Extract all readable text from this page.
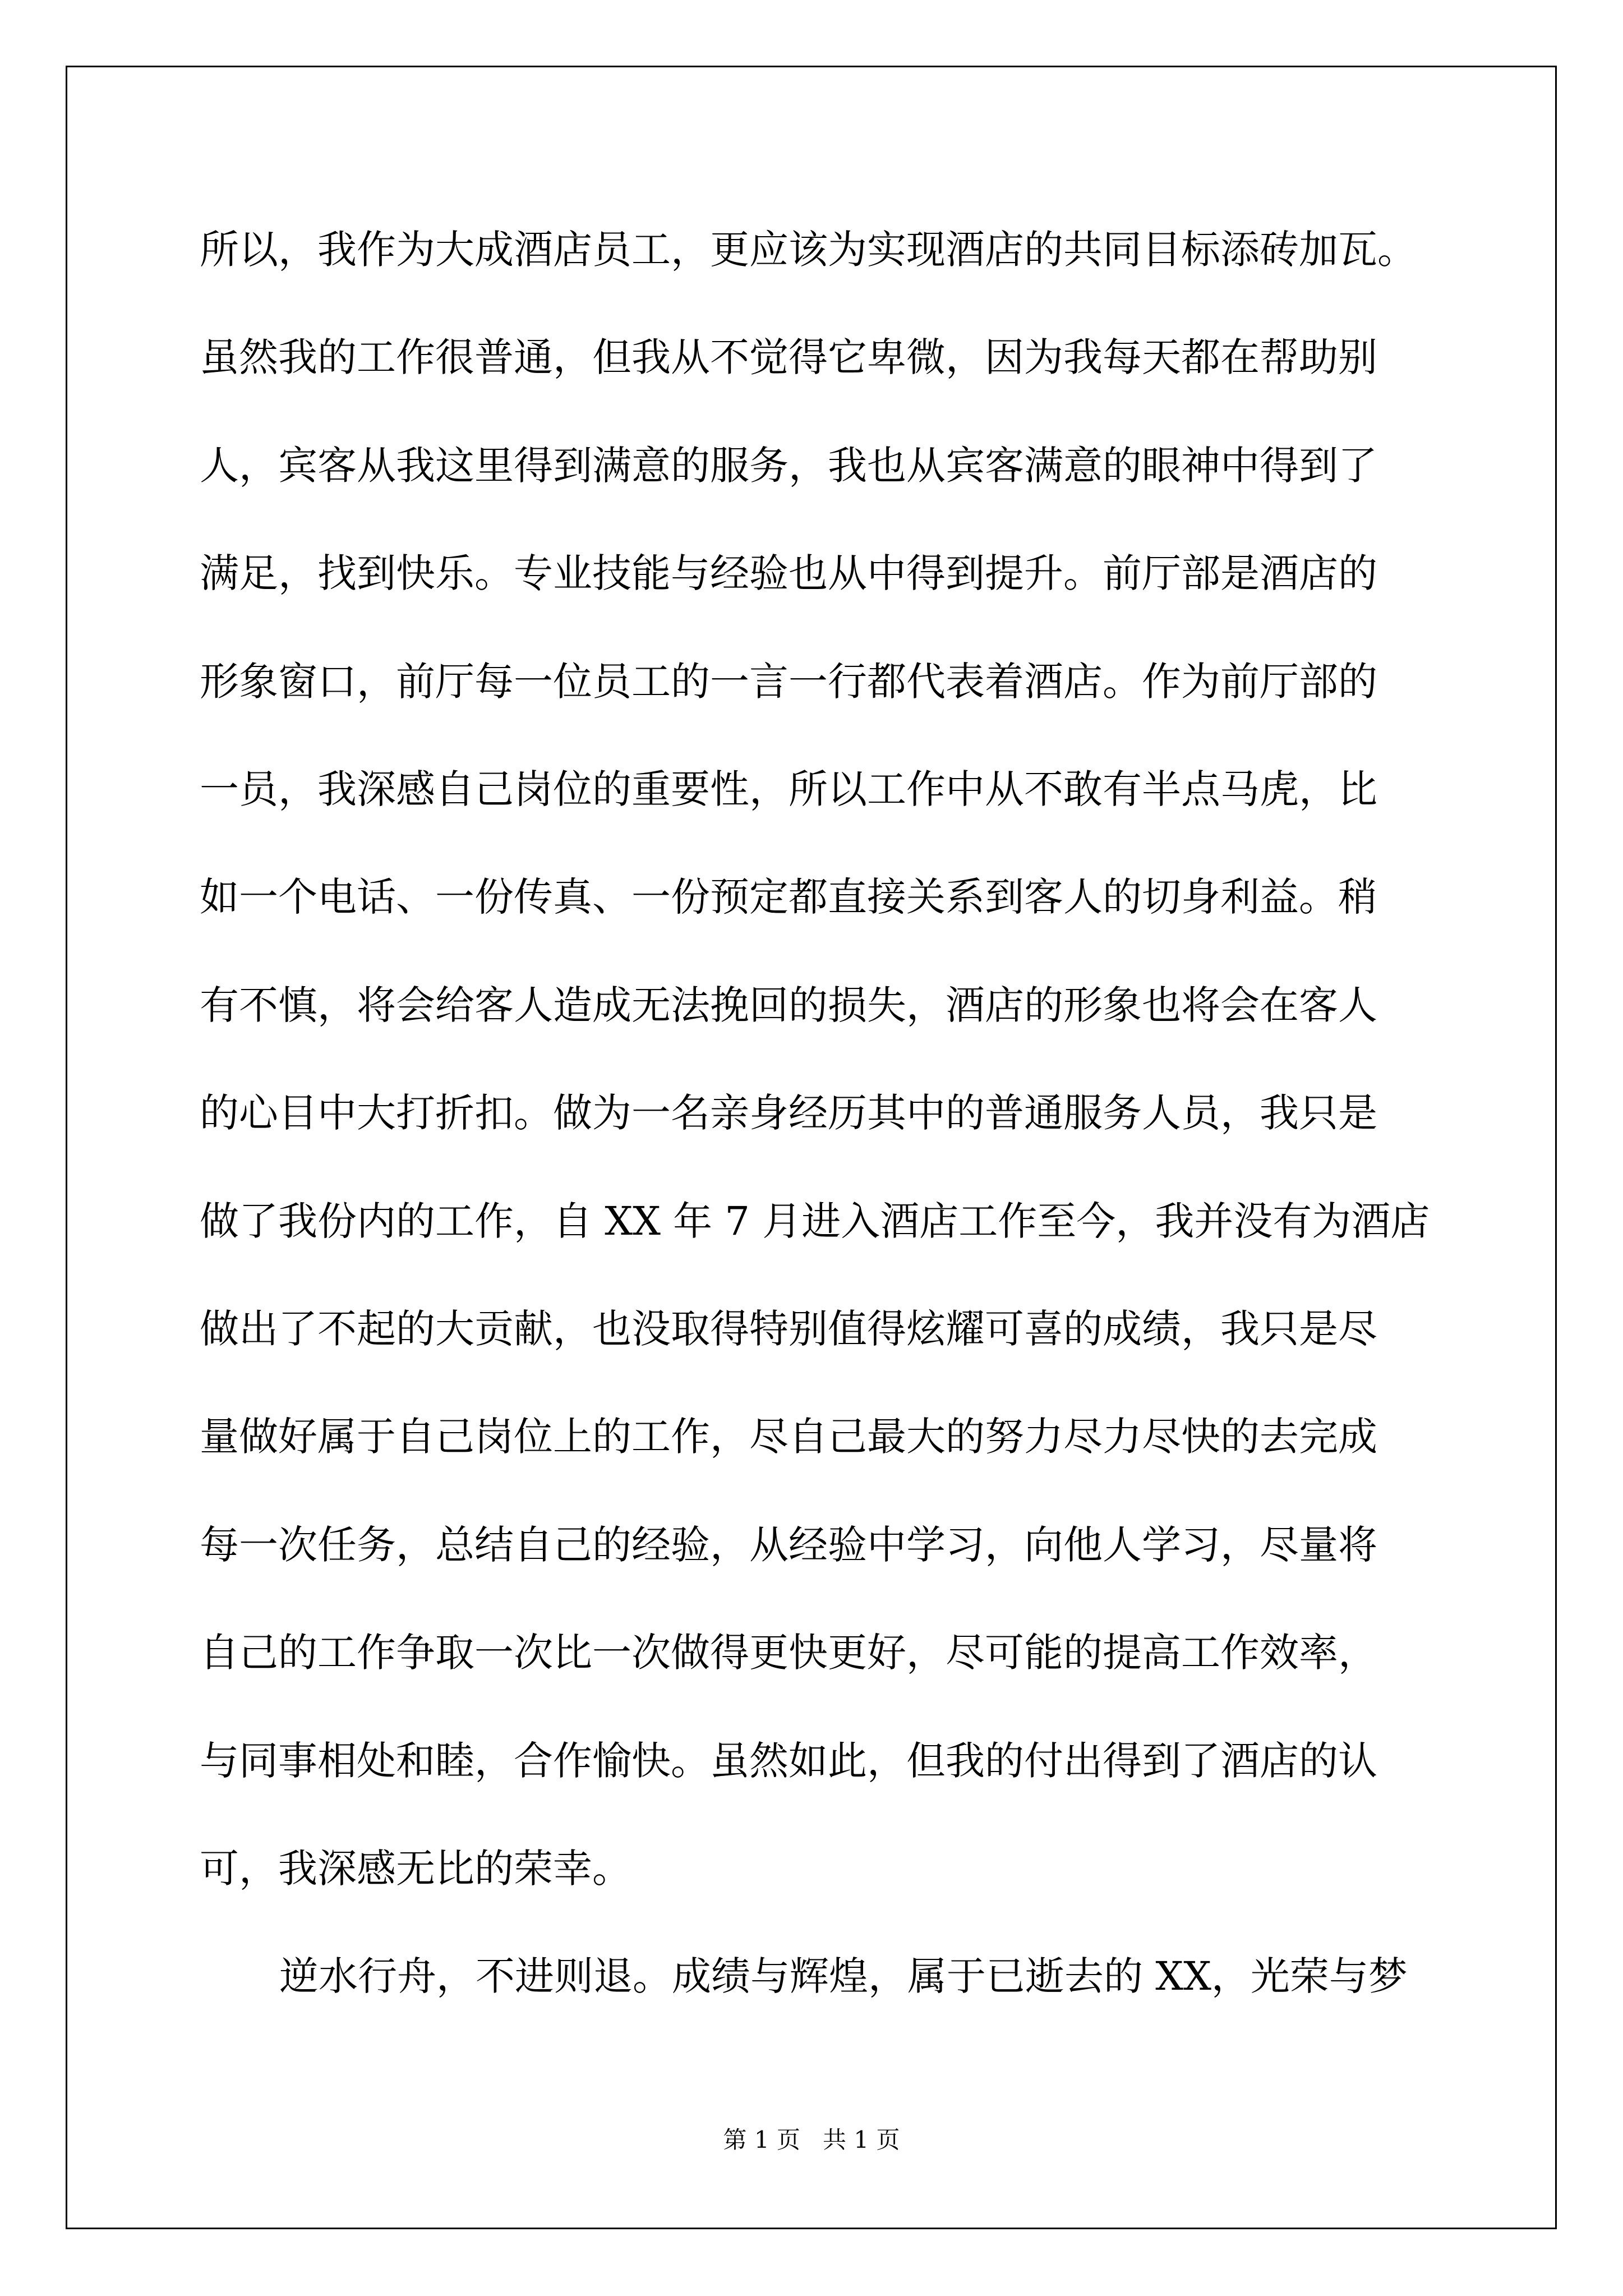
所以，我作为大成酒店员工，更应该为实现酒店的共同目标添砖加瓦。

虽然我的工作很普通，但我从不觉得它卑微，因为我每天都在帮助别

人，宾客从我这里得到满意的服务，我也从宾客满意的眼神中得到了

满足，找到快乐。专业技能与经验也从中得到提升。前厅部是酒店的

形象窗口，前厅每一位员工的一言一行都代表着酒店。作为前厅部的

一员，我深感自己岗位的重要性，所以工作中从不敢有半点马虎，比

如一个电话、一份传真、一份预定都直接关系到客人的切身利益。稍

有不慎，将会给客人造成无法挽回的损失，酒店的形象也将会在客人

的心目中大打折扣。做为一名亲身经历其中的普通服务人员，我只是

做了我份内的工作，自 XX 年 7 月进入酒店工作至今，我并没有为酒店

做出了不起的大贡献，也没取得特别值得炫耀可喜的成绩，我只是尽

量做好属于自己岗位上的工作，尽自己最大的努力尽力尽快的去完成

每一次任务，总结自己的经验，从经验中学习，向他人学习，尽量将

自己的工作争取一次比一次做得更快更好，尽可能的提高工作效率，

与同事相处和睦，合作愉快。虽然如此，但我的付出得到了酒店的认

可，我深感无比的荣幸。

逆水行舟，不进则退。成绩与辉煌，属于已逝去的 XX，光荣与梦

第 1 页   共 1 页
